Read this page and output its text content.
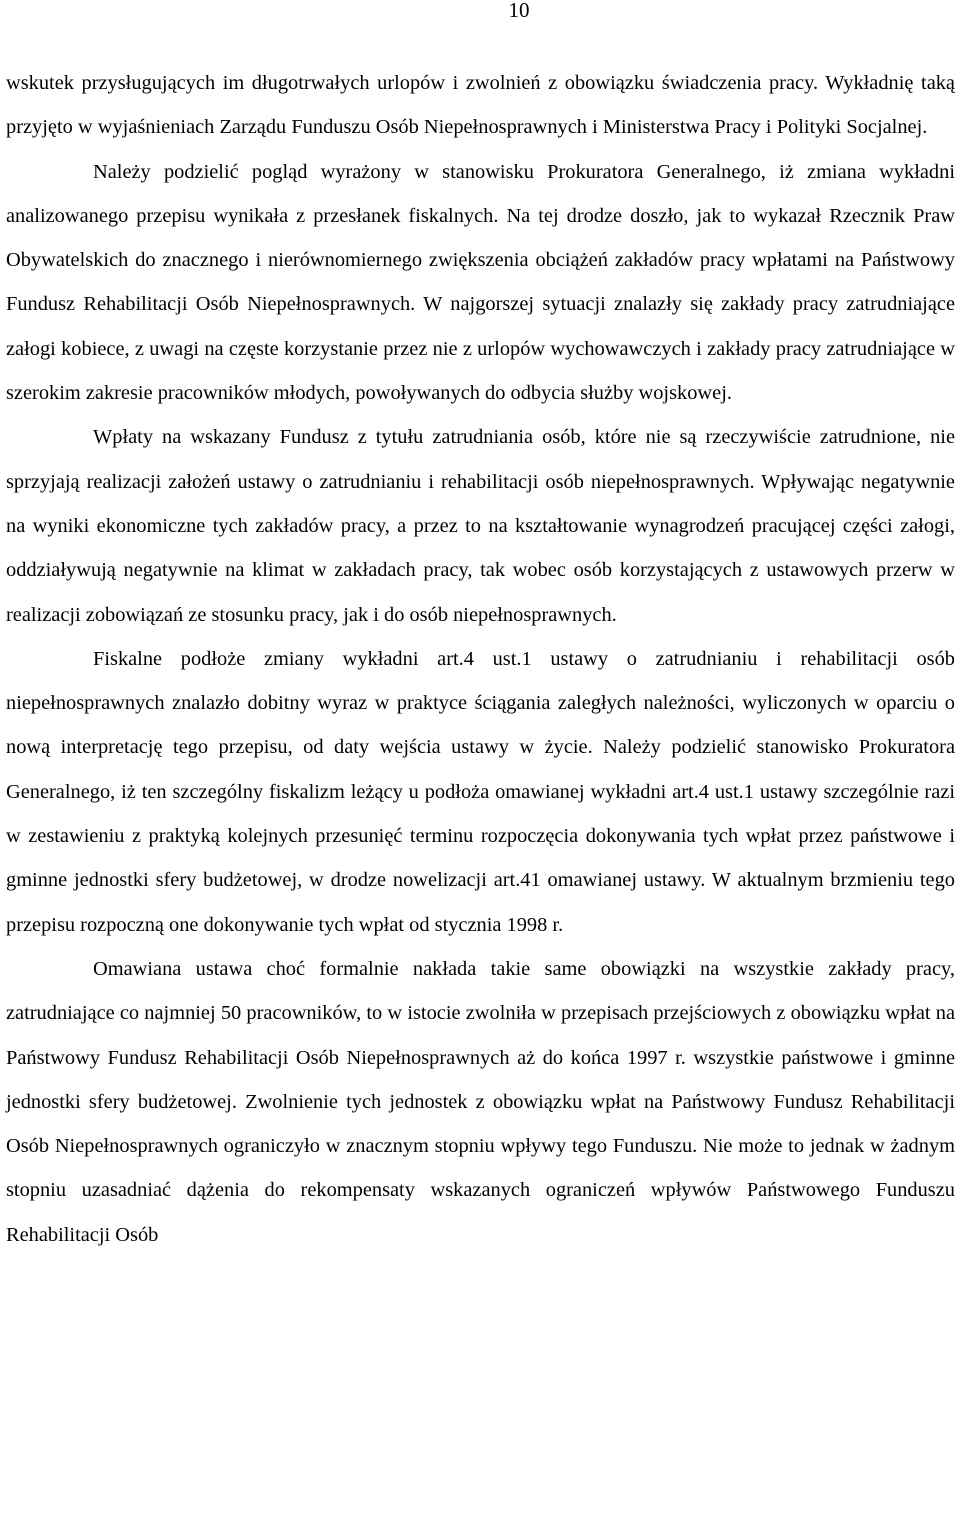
10

wskutek przysługujących im długotrwałych urlopów i zwolnień z obowiązku świadczenia pracy. Wykładnię taką przyjęto w wyjaśnieniach Zarządu Funduszu Osób Niepełnosprawnych i Ministerstwa Pracy i Polityki Socjalnej.

Należy podzielić pogląd wyrażony w stanowisku Prokuratora Generalnego, iż zmiana wykładni analizowanego przepisu wynikała z przesłanek fiskalnych. Na tej drodze doszło, jak to wykazał Rzecznik Praw Obywatelskich do znacznego i nierównomiernego zwiększenia obciążeń zakładów pracy wpłatami na Państwowy Fundusz Rehabilitacji Osób Niepełnosprawnych. W najgorszej sytuacji znalazły się zakłady pracy zatrudniające załogi kobiece, z uwagi na częste korzystanie przez nie z urlopów wychowawczych i zakłady pracy zatrudniające w szerokim zakresie pracowników młodych, powoływanych do odbycia służby wojskowej.

Wpłaty na wskazany Fundusz z tytułu zatrudniania osób, które nie są rzeczywiście zatrudnione, nie sprzyjają realizacji założeń ustawy o zatrudnianiu i rehabilitacji osób niepełnosprawnych. Wpływając negatywnie na wyniki ekonomiczne tych zakładów pracy, a przez to na kształtowanie wynagrodzeń pracującej części załogi, oddziaływują negatywnie na klimat w zakładach pracy, tak wobec osób korzystających z ustawowych przerw w realizacji zobowiązań ze stosunku pracy, jak i do osób niepełnosprawnych.

Fiskalne podłoże zmiany wykładni art.4 ust.1 ustawy o zatrudnianiu i rehabilitacji osób niepełnosprawnych znalazło dobitny wyraz w praktyce ściągania zaległych należności, wyliczonych w oparciu o nową interpretację tego przepisu, od daty wejścia ustawy w życie. Należy podzielić stanowisko Prokuratora Generalnego, iż ten szczególny fiskalizm leżący u podłoża omawianej wykładni art.4 ust.1 ustawy szczególnie razi w zestawieniu z praktyką kolejnych przesunięć terminu rozpoczęcia dokonywania tych wpłat przez państwowe i gminne jednostki sfery budżetowej, w drodze nowelizacji art.41 omawianej ustawy. W aktualnym brzmieniu tego przepisu rozpoczną one dokonywanie tych wpłat od stycznia 1998 r.

Omawiana ustawa choć formalnie nakłada takie same obowiązki na wszystkie zakłady pracy, zatrudniające co najmniej 50 pracowników, to w istocie zwolniła w przepisach przejściowych z obowiązku wpłat na Państwowy Fundusz Rehabilitacji Osób Niepełnosprawnych aż do końca 1997 r. wszystkie państwowe i gminne jednostki sfery budżetowej. Zwolnienie tych jednostek z obowiązku wpłat na Państwowy Fundusz Rehabilitacji Osób Niepełnosprawnych ograniczyło w znacznym stopniu wpływy tego Funduszu. Nie może to jednak w żadnym stopniu uzasadniać dążenia do rekompensaty wskazanych ograniczeń wpływów Państwowego Funduszu Rehabilitacji Osób
